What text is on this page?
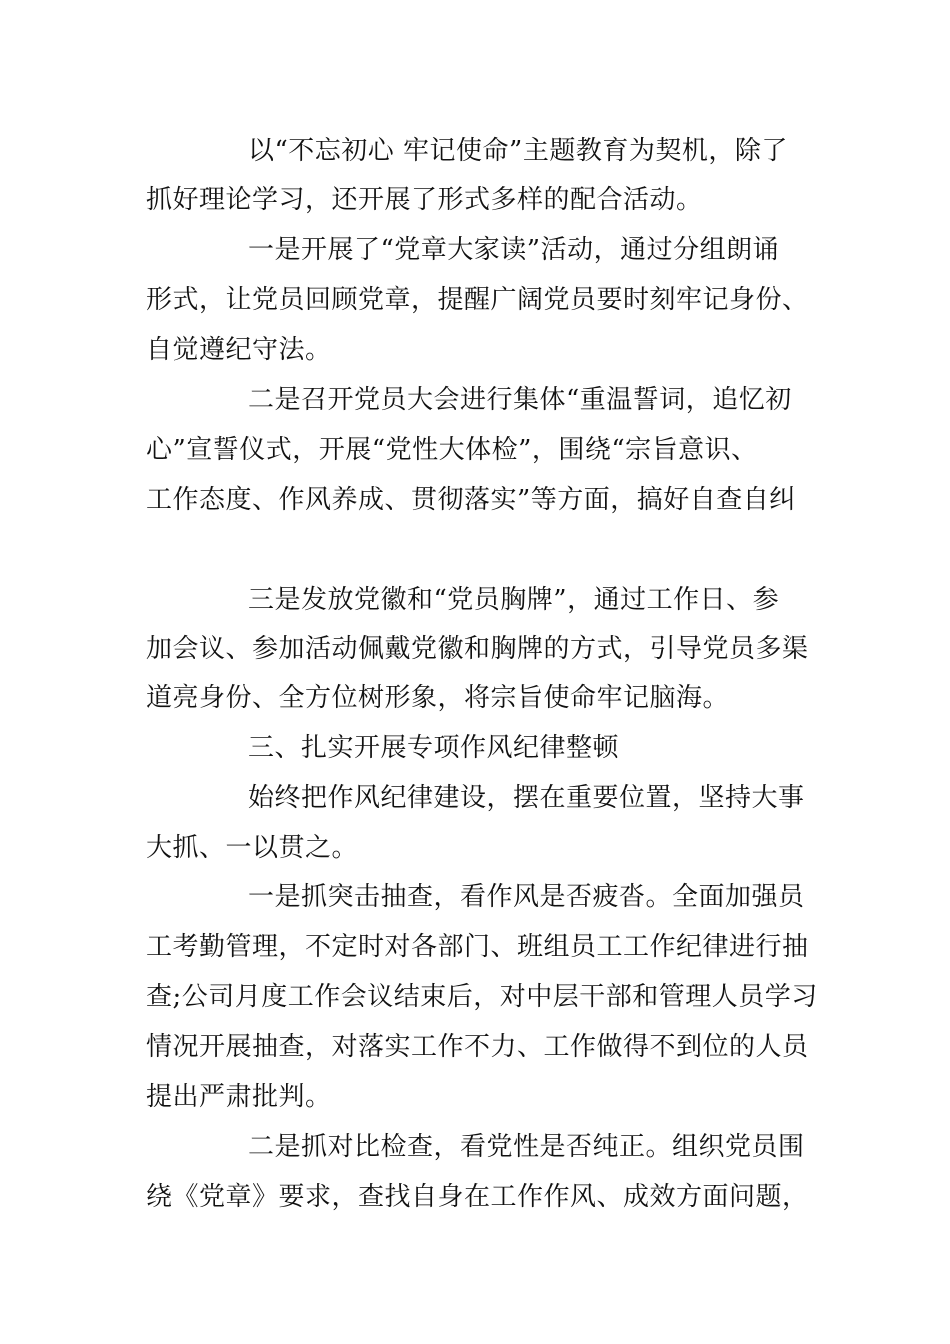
以“不忘初心 牢记使命”主题教育为契机，除了
抓好理论学习，还开展了形式多样的配合活动。
一是开展了“党章大家读”活动，通过分组朗诵
形式，让党员回顾党章，提醒广阔党员要时刻牢记身份、
自觉遵纪守法。
二是召开党员大会进行集体“重温誓词，追忆初
心”宣誓仪式，开展“党性大体检”，围绕“宗旨意识、
工作态度、作风养成、贯彻落实”等方面，搞好自查自纠
三是发放党徽和“党员胸牌”，通过工作日、参
加会议、参加活动佩戴党徽和胸牌的方式，引导党员多渠
道亮身份、全方位树形象，将宗旨使命牢记脑海。
三、扎实开展专项作风纪律整顿
始终把作风纪律建设，摆在重要位置，坚持大事
大抓、一以贯之。
一是抓突击抽查，看作风是否疲沓。全面加强员
工考勤管理，不定时对各部门、班组员工工作纪律进行抽
查;公司月度工作会议结束后，对中层干部和管理人员学习
情况开展抽查，对落实工作不力、工作做得不到位的人员
提出严肃批判。
二是抓对比检查，看党性是否纯正。组织党员围
绕《党章》要求，查找自身在工作作风、成效方面问题，
